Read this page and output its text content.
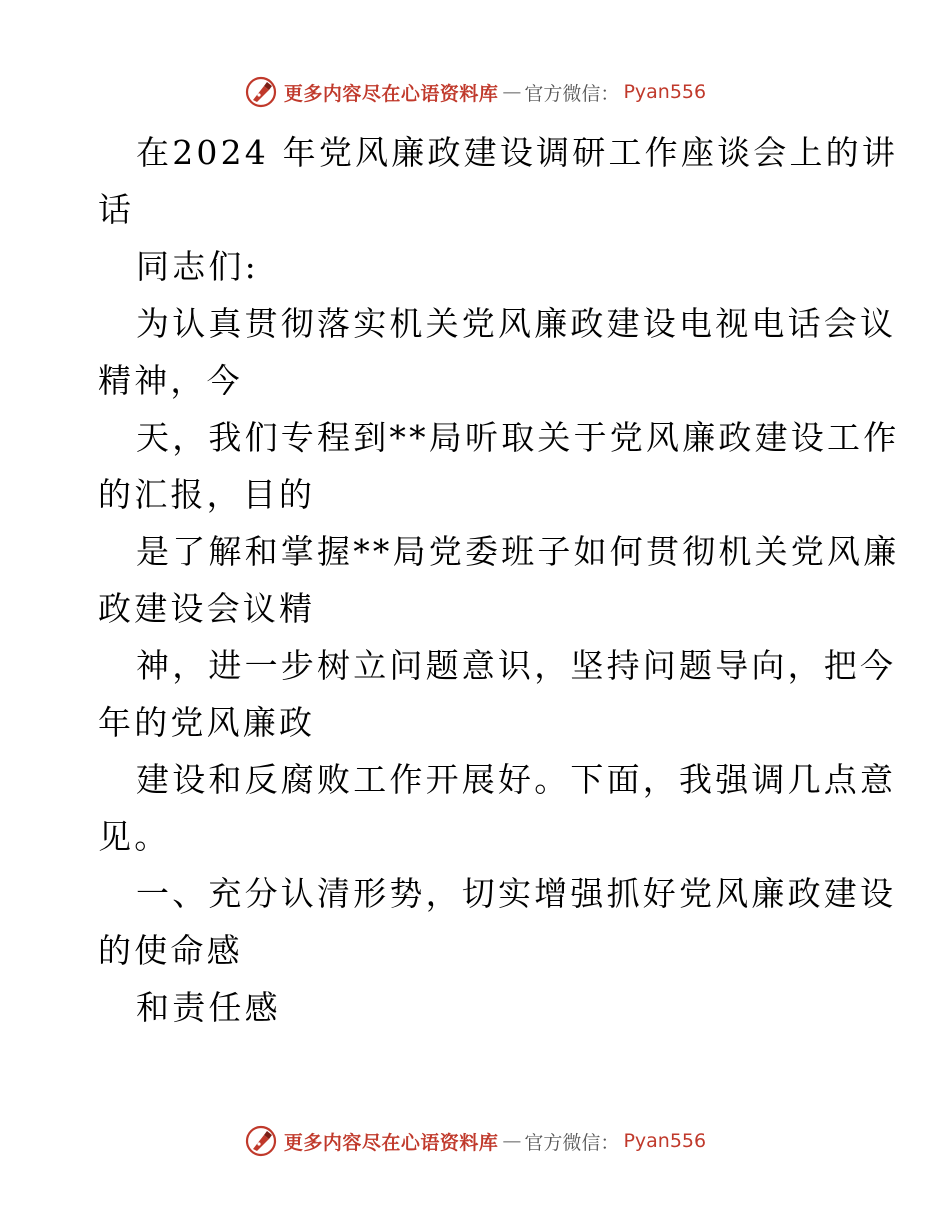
更多内容尽在心语资料库 — 官方微信： Pyan556
在2024 年党风廉政建设调研工作座谈会上的讲
话
同志们:
为认真贯彻落实机关党风廉政建设电视电话会议
精神，今
天，我们专程到**局听取关于党风廉政建设工作
的汇报，目的
是了解和掌握**局党委班子如何贯彻机关党风廉
政建设会议精
神，进一步树立问题意识，坚持问题导向，把今
年的党风廉政
建设和反腐败工作开展好。下面，我强调几点意
见。
一、充分认清形势，切实增强抓好党风廉政建设
的使命感
和责任感
更多内容尽在心语资料库 — 官方微信： Pyan556
